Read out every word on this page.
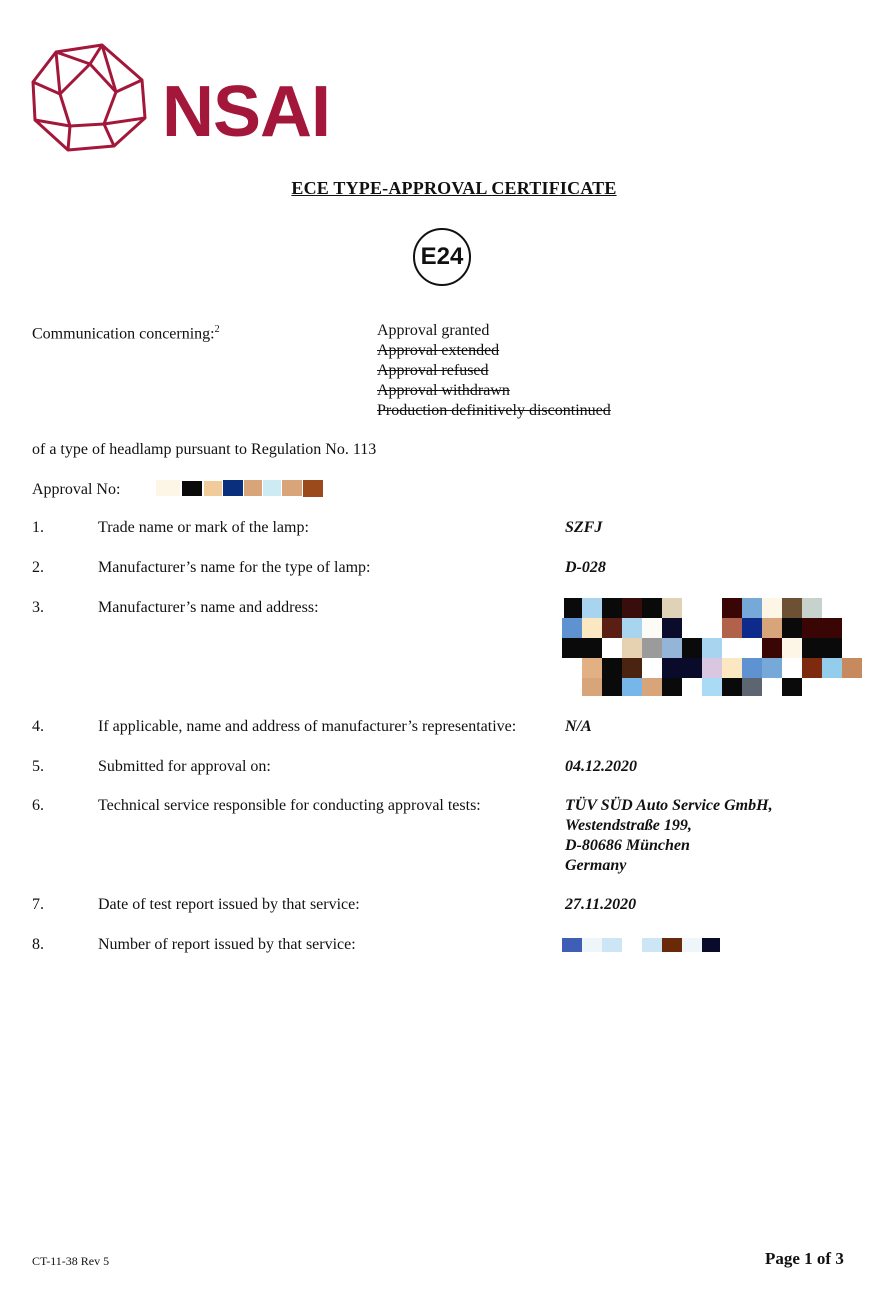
NSAI
ECE TYPE-APPROVAL CERTIFICATE
E24
Communication concerning:$^2$	Approval granted
Approval extended
Approval refused
Approval withdrawn
Production definitively discontinued
of a type of headlamp pursuant to Regulation No. 113
Approval No:
1.	Trade name or mark of the lamp:	SZFJ
2.	Manufacturer’s name for the type of lamp:	D-028
3.	Manufacturer’s name and address:
4.	If applicable, name and address of manufacturer’s representative:	N/A
5.	Submitted for approval on:	04.12.2020
6.	Technical service responsible for conducting approval tests:	TÜV SÜD Auto Service GmbH,
Westendstraße 199,
D-80686 München
Germany
7.	Date of test report issued by that service:	27.11.2020
8.	Number of report issued by that service:
CT-11-38 Rev 5	Page 1 of 3
